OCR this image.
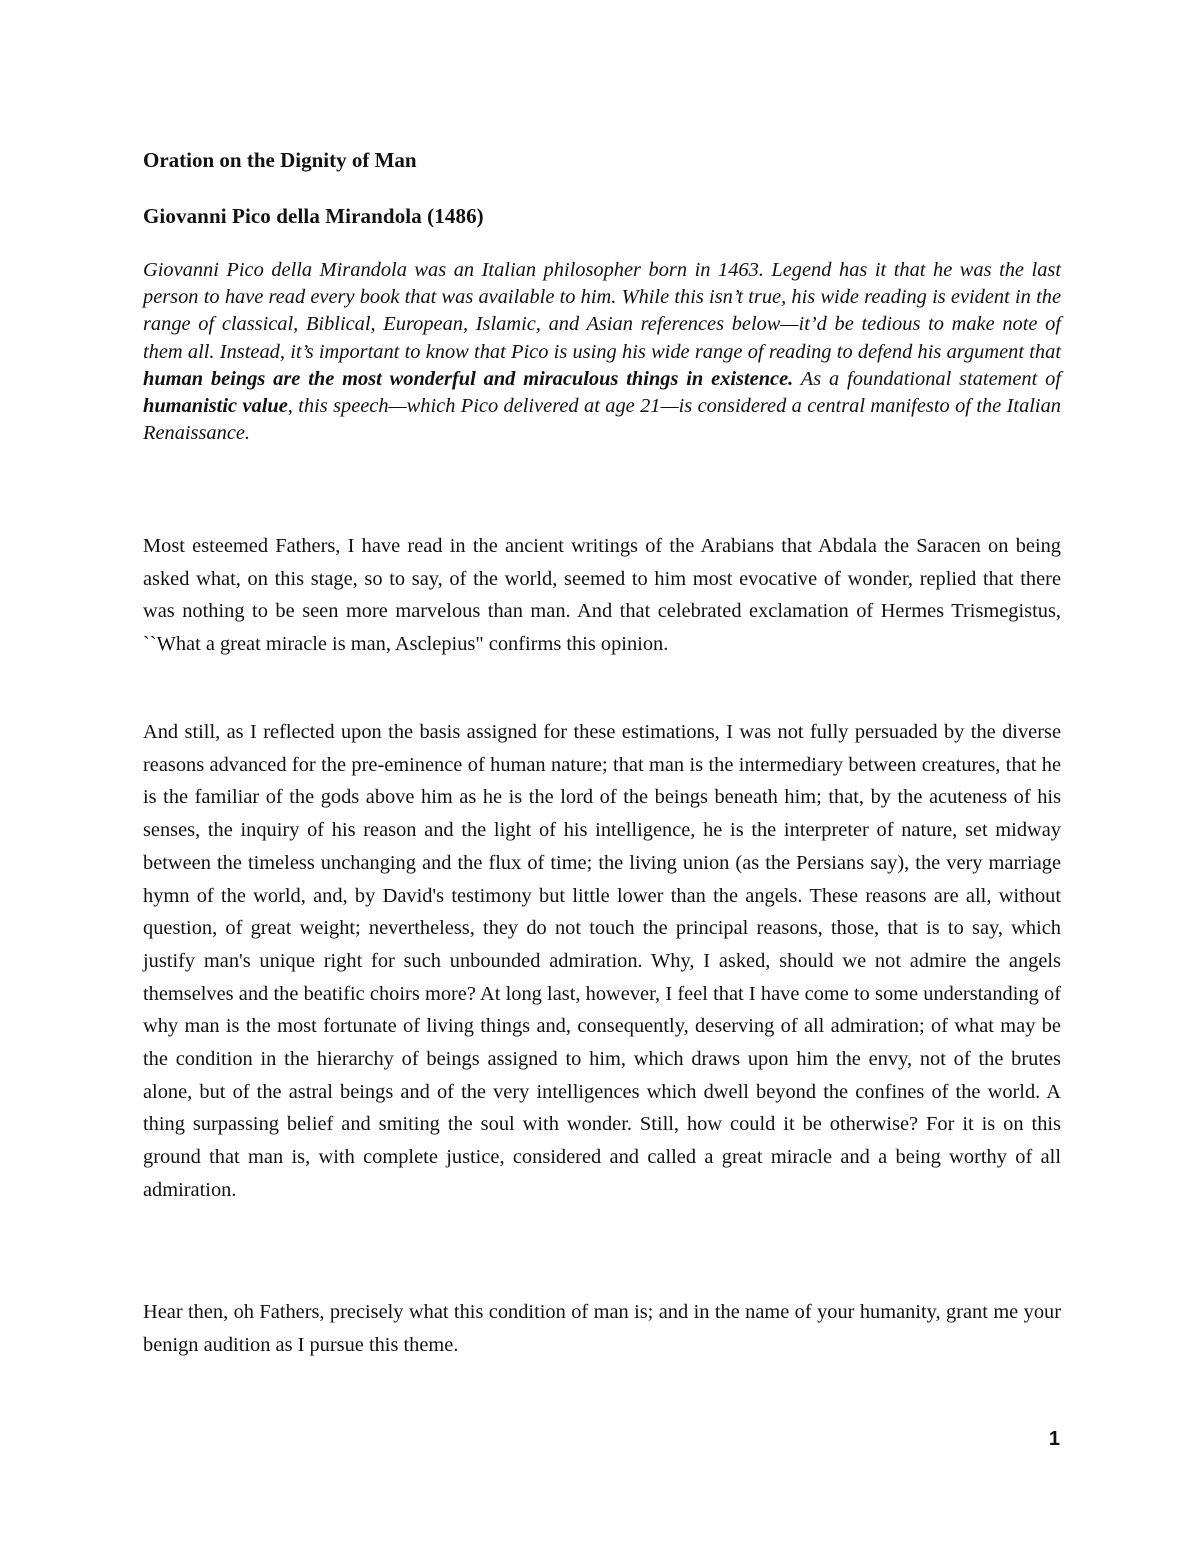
Oration on the Dignity of Man
Giovanni Pico della Mirandola (1486)

Giovanni Pico della Mirandola was an Italian philosopher born in 1463. Legend has it that he was the last person to have read every book that was available to him. While this isn’t true, his wide reading is evident in the range of classical, Biblical, European, Islamic, and Asian references below—it’d be tedious to make note of them all. Instead, it’s important to know that Pico is using his wide range of reading to defend his argument that human beings are the most wonderful and miraculous things in existence. As a foundational statement of humanistic value, this speech—which Pico delivered at age 21—is considered a central manifesto of the Italian Renaissance.

Most esteemed Fathers, I have read in the ancient writings of the Arabians that Abdala the Saracen on being asked what, on this stage, so to say, of the world, seemed to him most evocative of wonder, replied that there was nothing to be seen more marvelous than man. And that celebrated exclamation of Hermes Trismegistus, ``What a great miracle is man, Asclepius" confirms this opinion.

And still, as I reflected upon the basis assigned for these estimations, I was not fully persuaded by the diverse reasons advanced for the pre-eminence of human nature; that man is the intermediary between creatures, that he is the familiar of the gods above him as he is the lord of the beings beneath him; that, by the acuteness of his senses, the inquiry of his reason and the light of his intelligence, he is the interpreter of nature, set midway between the timeless unchanging and the flux of time; the living union (as the Persians say), the very marriage hymn of the world, and, by David's testimony but little lower than the angels. These reasons are all, without question, of great weight; nevertheless, they do not touch the principal reasons, those, that is to say, which justify man's unique right for such unbounded admiration. Why, I asked, should we not admire the angels themselves and the beatific choirs more? At long last, however, I feel that I have come to some understanding of why man is the most fortunate of living things and, consequently, deserving of all admiration; of what may be the condition in the hierarchy of beings assigned to him, which draws upon him the envy, not of the brutes alone, but of the astral beings and of the very intelligences which dwell beyond the confines of the world. A thing surpassing belief and smiting the soul with wonder. Still, how could it be otherwise? For it is on this ground that man is, with complete justice, considered and called a great miracle and a being worthy of all admiration.

Hear then, oh Fathers, precisely what this condition of man is; and in the name of your humanity, grant me your benign audition as I pursue this theme.

1
